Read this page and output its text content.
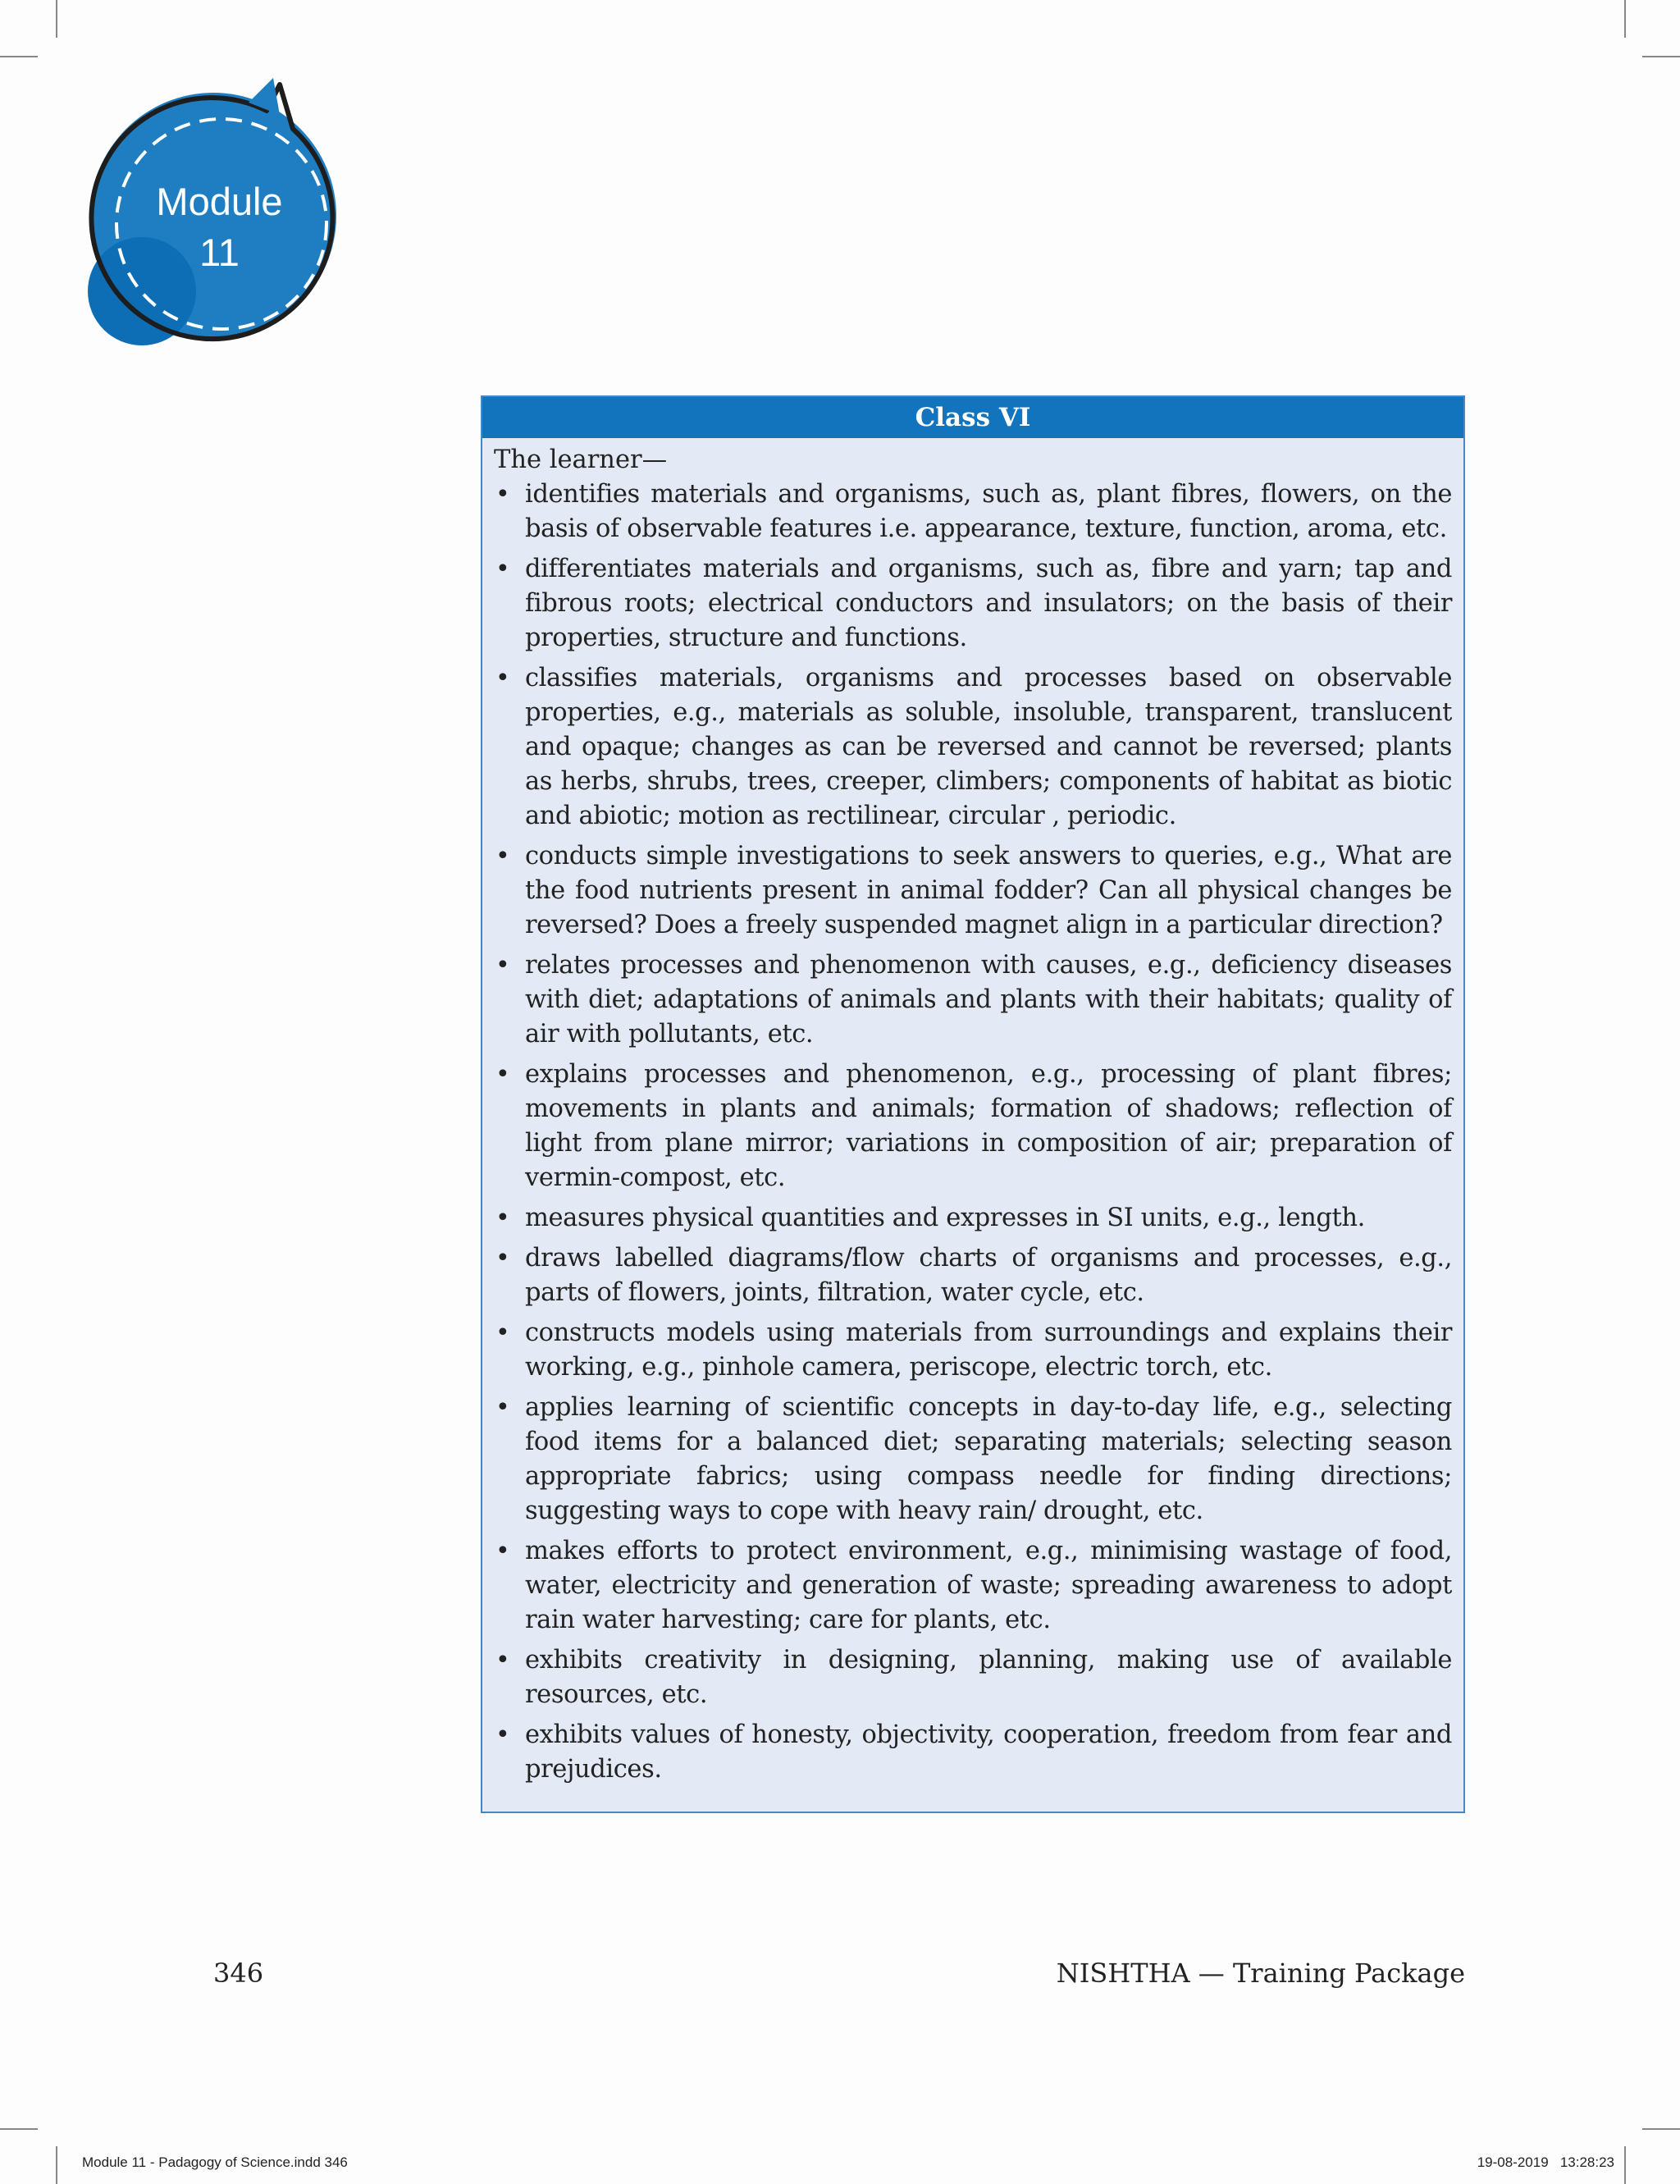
Module
11
Class VI

The learner—

• identifies materials and organisms, such as, plant fibres, flowers, on the basis of observable features i.e. appearance, texture, function, aroma, etc.
• differentiates materials and organisms, such as, fibre and yarn; tap and fibrous roots; electrical conductors and insulators; on the basis of their properties, structure and functions.
• classifies materials, organisms and processes based on observable properties, e.g., materials as soluble, insoluble, transparent, translucent and opaque; changes as can be reversed and cannot be reversed; plants as herbs, shrubs, trees, creeper, climbers; components of habitat as biotic and abiotic; motion as rectilinear, circular , periodic.
• conducts simple investigations to seek answers to queries, e.g., What are the food nutrients present in animal fodder? Can all physical changes be reversed? Does a freely suspended magnet align in a particular direction?
• relates processes and phenomenon with causes, e.g., deficiency diseases with diet; adaptations of animals and plants with their habitats; quality of air with pollutants, etc.
• explains processes and phenomenon, e.g., processing of plant fibres; movements in plants and animals; formation of shadows; reflection of light from plane mirror; variations in composition of air; preparation of vermin-compost, etc.
• measures physical quantities and expresses in SI units, e.g., length.
• draws labelled diagrams/flow charts of organisms and processes, e.g., parts of flowers, joints, filtration, water cycle, etc.
• constructs models using materials from surroundings and explains their working, e.g., pinhole camera, periscope, electric torch, etc.
• applies learning of scientific concepts in day-to-day life, e.g., selecting food items for a balanced diet; separating materials; selecting season appropriate fabrics; using compass needle for finding directions; suggesting ways to cope with heavy rain/ drought, etc.
• makes efforts to protect environment, e.g., minimising wastage of food, water, electricity and generation of waste; spreading awareness to adopt rain water harvesting; care for plants, etc.
• exhibits creativity in designing, planning, making use of available resources, etc.
• exhibits values of honesty, objectivity, cooperation, freedom from fear and prejudices.
346	NISHTHA — Training Package
Module 11 - Padagogy of Science.indd 346	19-08-2019   13:28:23
